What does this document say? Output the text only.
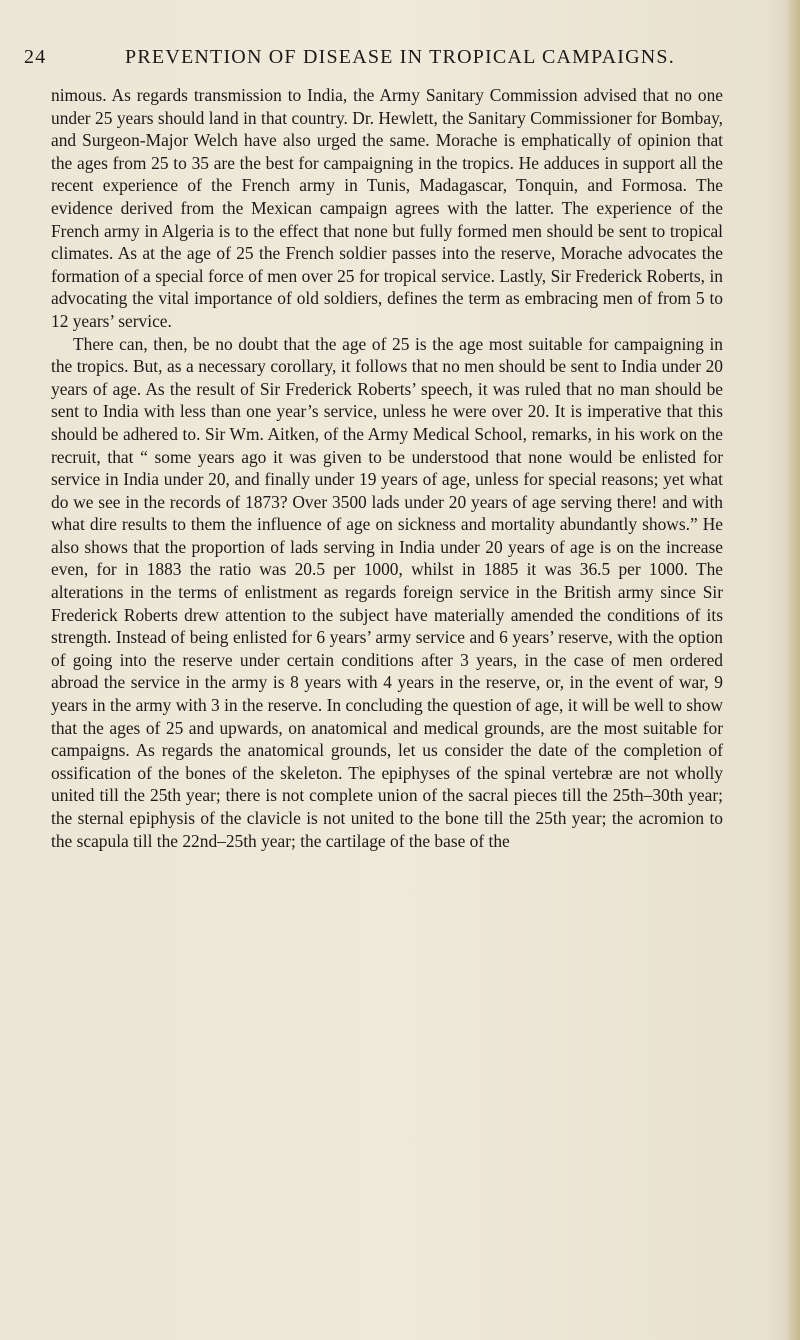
24	PREVENTION OF DISEASE IN TROPICAL CAMPAIGNS.

nimous. As regards transmission to India, the Army Sanitary Commission advised that no one under 25 years should land in that country. Dr. Hewlett, the Sanitary Commissioner for Bombay, and Surgeon-Major Welch have also urged the same. Morache is emphatically of opinion that the ages from 25 to 35 are the best for campaigning in the tropics. He adduces in support all the recent experience of the French army in Tunis, Madagascar, Tonquin, and Formosa. The evidence derived from the Mexican campaign agrees with the latter. The experience of the French army in Algeria is to the effect that none but fully formed men should be sent to tropical climates. As at the age of 25 the French soldier passes into the reserve, Morache advocates the formation of a special force of men over 25 for tropical service. Lastly, Sir Frederick Roberts, in advocating the vital importance of old soldiers, defines the term as embracing men of from 5 to 12 years’ service.

There can, then, be no doubt that the age of 25 is the age most suitable for campaigning in the tropics. But, as a necessary corollary, it follows that no men should be sent to India under 20 years of age. As the result of Sir Frederick Roberts’ speech, it was ruled that no man should be sent to India with less than one year’s service, unless he were over 20. It is imperative that this should be adhered to. Sir Wm. Aitken, of the Army Medical School, remarks, in his work on the recruit, that “ some years ago it was given to be understood that none would be enlisted for service in India under 20, and finally under 19 years of age, unless for special reasons; yet what do we see in the records of 1873? Over 3500 lads under 20 years of age serving there! and with what dire results to them the influence of age on sickness and mortality abundantly shows.” He also shows that the proportion of lads serving in India under 20 years of age is on the increase even, for in 1883 the ratio was 20.5 per 1000, whilst in 1885 it was 36.5 per 1000. The alterations in the terms of enlistment as regards foreign service in the British army since Sir Frederick Roberts drew attention to the subject have materially amended the conditions of its strength. Instead of being enlisted for 6 years’ army service and 6 years’ reserve, with the option of going into the reserve under certain conditions after 3 years, in the case of men ordered abroad the service in the army is 8 years with 4 years in the reserve, or, in the event of war, 9 years in the army with 3 in the reserve. In concluding the question of age, it will be well to show that the ages of 25 and upwards, on anatomical and medical grounds, are the most suitable for campaigns. As regards the anatomical grounds, let us consider the date of the completion of ossification of the bones of the skeleton. The epiphyses of the spinal vertebræ are not wholly united till the 25th year; there is not complete union of the sacral pieces till the 25th–30th year; the sternal epiphysis of the clavicle is not united to the bone till the 25th year; the acromion to the scapula till the 22nd–25th year; the cartilage of the base of the
